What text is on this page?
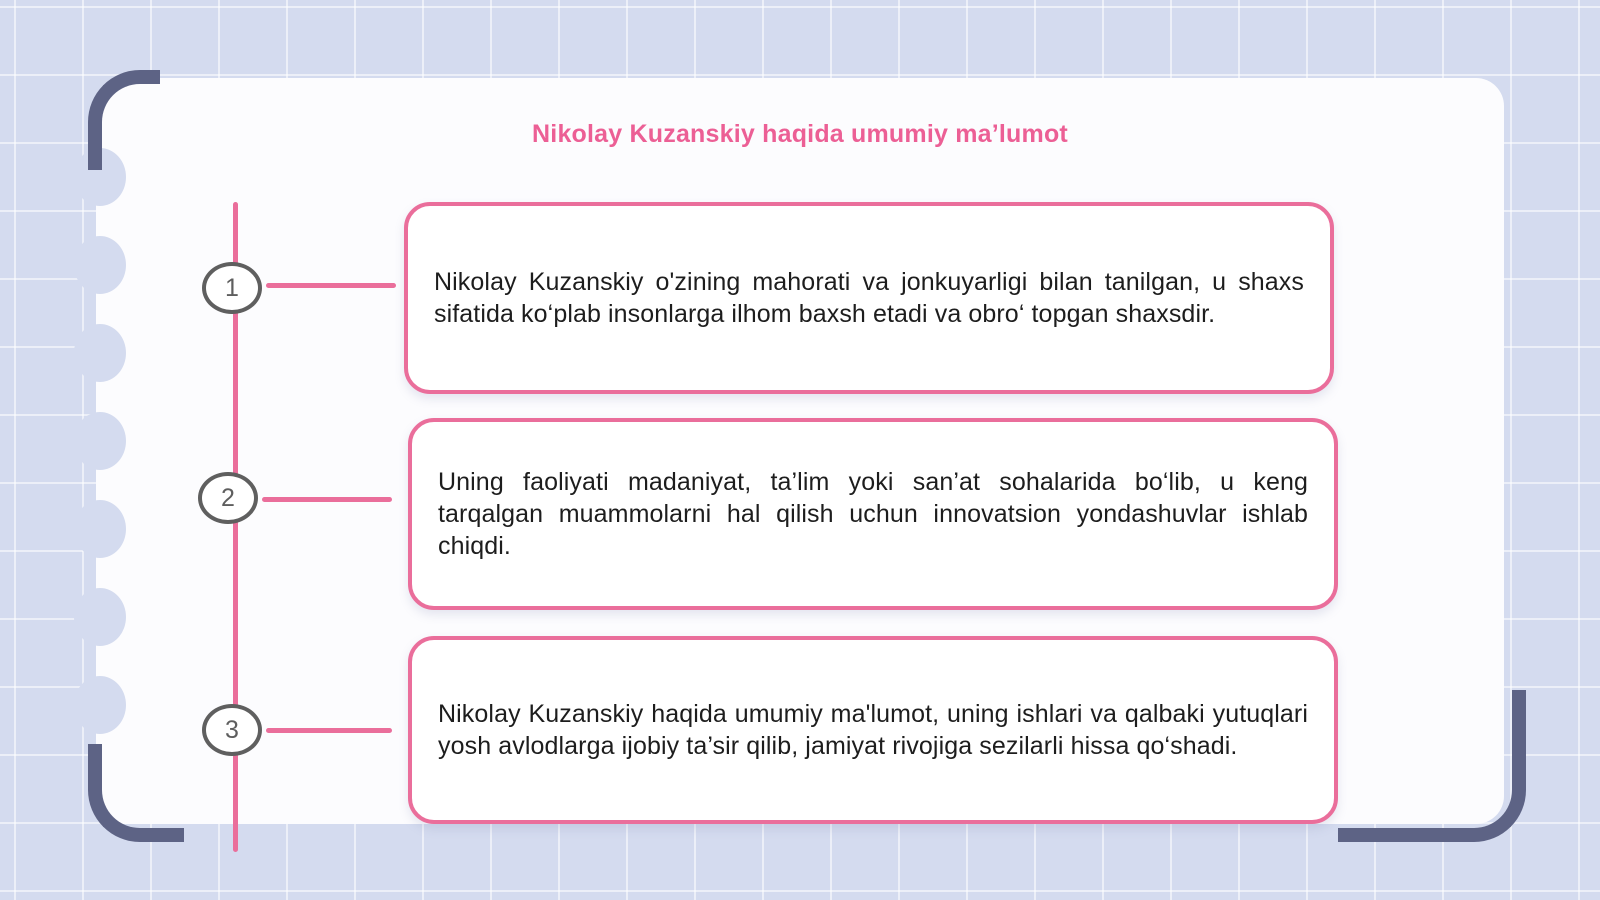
Nikolay Kuzanskiy haqida umumiy ma’lumot
1	Nikolay Kuzanskiy o'zining mahorati va jonkuyarligi bilan tanilgan, u shaxs sifatida ko‘plab insonlarga ilhom baxsh etadi va obro‘ topgan shaxsdir.

2

Uning faoliyati madaniyat, ta’lim yoki san’at sohalarida bo‘lib, u keng tarqalgan muammolarni hal qilish uchun innovatsion yondashuvlar ishlab chiqdi.

3

Nikolay Kuzanskiy haqida umumiy ma'lumot, uning ishlari va qalbaki yutuqlari yosh avlodlarga ijobiy ta’sir qilib, jamiyat rivojiga sezilarli hissa qo‘shadi.
